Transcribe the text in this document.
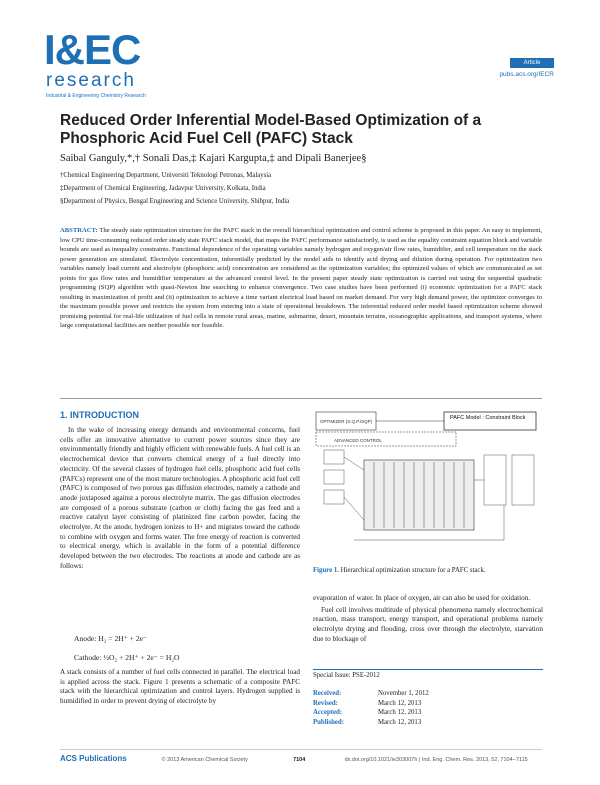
I&EC
research
Industrial & Engineering Chemistry Research
Article
pubs.acs.org/IECR
Reduced Order Inferential Model-Based Optimization of a Phosphoric Acid Fuel Cell (PAFC) Stack
Saibal Ganguly,*,† Sonali Das,‡ Kajari Kargupta,‡ and Dipali Banerjee§
†Chemical Engineering Department, Universiti Teknologi Petronas, Malaysia
‡Department of Chemical Engineering, Jadavpur University, Kolkata, India
§Department of Physics, Bengal Engineering and Science University, Shibpur, India
ABSTRACT: The steady state optimization structure for the PAFC stack in the overall hierarchical optimization and control scheme is proposed in this paper. An easy to implement, low CPU time-consuming reduced order steady state PAFC stack model, that maps the PAFC performance satisfactorily, is used as the equality constraint equation block and variable bounds are used as inequality constraints. Functional dependence of the operating variables namely hydrogen and oxygen/air flow rates, humidifier, and cell temperature on the stack power generation are simulated. Electrolyte concentration, inferentially predicted by the model aids to identify acid drying and dilution during operation. For optimization two variables namely load current and electrolyte (phosphoric acid) concentration are considered as the optimization variables; the optimized values of which are communicated as set points for gas flow rates and humidifier temperature at the advanced control level. In the present paper steady state optimization is carried out using the sequential quadratic programming (SQP) algorithm with quasi-Newton line searching to enhance convergence. Two case studies have been performed (i) economic optimization for a PAFC stack resulting in maximization of profit and (ii) optimization to achieve a time variant electrical load based on market demand. For very high demand power, the optimizer converges to the maximum possible power and restricts the system from entering into a state of operational breakdown. The inferential reduced order model based optimization scheme showed promising potential for real-life utilization of fuel cells in remote rural areas, marine, submarine, desert, mountain terrains, oceanographic applications, and transport systems, where large computational facilities are neither possible nor feasible.
1. INTRODUCTION

In the wake of increasing energy demands and environmental concerns, fuel cells offer an innovative alternative to current power sources since they are environmentally friendly and highly efficient with renewable fuels. A fuel cell is an electrochemical device that converts chemical energy of a fuel directly into electricity. Of the several classes of hydrogen fuel cells, phosphoric acid fuel cells (PAFCs) represent one of the most mature technologies. A phosphoric acid fuel cell (PAFC) is composed of two porous gas diffusion electrodes, namely a cathode and anode juxtaposed against a porous electrolyte matrix. The gas diffusion electrodes are composed of a porous substrate (carbon or cloth) facing the gas feed and a reactive catalyst layer consisting of platinized fine carbon powder, facing the electrolyte. At the anode, hydrogen ionizes to H+ and migrates toward the cathode to combine with oxygen and forms water. The free energy of reaction is converted to electrical energy, which is available in the form of a potential difference developed between the two electrodes. The reactions at anode and cathode are as follows:

Anode: H₂ = 2H⁺ + 2e⁻
Cathode: ½O₂ + 2H⁺ + 2e⁻ = H₂O
A stack consists of a number of fuel cells connected in parallel. The electrical load is applied across the stack. Figure 1 presents a schematic of a composite PAFC stack with the hierarchical optimization and control layers. Hydrogen supplied is humidified in order to prevent drying of electrolyte by
OPTIMIZER (S.Q.P./SQP)
PAFC Model : Constraint Block
ADVANCED CONTROL
Figure 1. Hierarchical optimization structure for a PAFC stack.

evaporation of water. In place of oxygen, air can also be used for oxidation.

Fuel cell involves multitude of physical phenomena namely electrochemical reaction, mass transport, energy transport, and operational problems namely electrolyte drying and flooding, cross over through the electrolyte, starvation due to blockage of

Special Issue: PSE-2012
Received:	November 1, 2012
Revised:	March 12, 2013
Accepted:	March 12, 2013
Published:	March 12, 2013
ACS Publications	© 2013 American Chemical Society	7104	dx.doi.org/10.1021/ie303007h | Ind. Eng. Chem. Res. 2013, 52, 7104−7115
